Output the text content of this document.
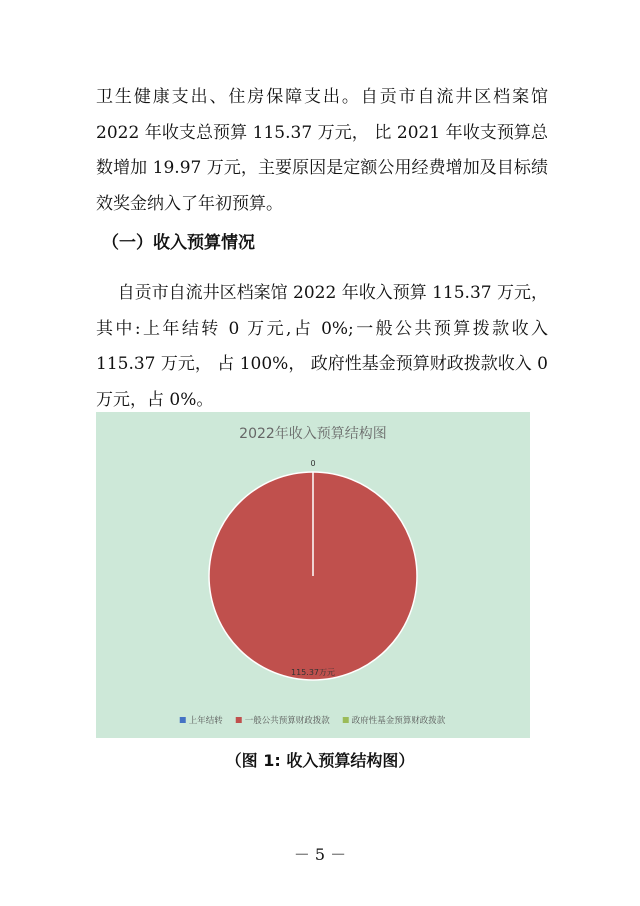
卫生健康支出、住房保障支出。自贡市自流井区档案馆 2022 年收支总预算 115.37 万元， 比 2021 年收支预算总数增加 19.97 万元，主要原因是定额公用经费增加及目标绩效奖金纳入了年初预算。

（一）收入预算情况

自贡市自流井区档案馆 2022 年收入预算 115.37 万元，其中:上年结转 0 万元,占 0%;一般公共预算拨款收入 115.37 万元， 占 100%， 政府性基金预算财政拨款收入 0 万元，占 0%。

2022年收入预算结构图
115.37万元
0
上年结转	一般公共预算财政拨款	政府性基金预算财政拨款
（图 1: 收入预算结构图）
－ 5 －
